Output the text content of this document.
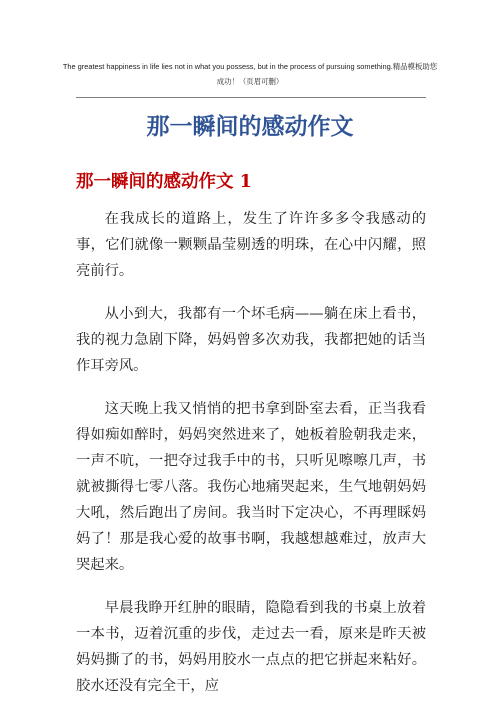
The greatest happiness in life lies not in what you possess, but in the process of pursuing something.精品模板助您成功！（页眉可删）
那一瞬间的感动作文
那一瞬间的感动作文 1

在我成长的道路上，发生了许许多多令我感动的事，它们就像一颗颗晶莹剔透的明珠，在心中闪耀，照亮前行。

从小到大，我都有一个坏毛病——躺在床上看书，我的视力急剧下降，妈妈曾多次劝我，我都把她的话当作耳旁风。

这天晚上我又悄悄的把书拿到卧室去看，正当我看得如痴如醉时，妈妈突然进来了，她板着脸朝我走来，一声不吭，一把夺过我手中的书，只听见嚓嚓几声，书就被撕得七零八落。我伤心地痛哭起来，生气地朝妈妈大吼，然后跑出了房间。我当时下定决心，不再理睬妈妈了！那是我心爱的故事书啊，我越想越难过，放声大哭起来。

早晨我睁开红肿的眼睛，隐隐看到我的书桌上放着一本书，迈着沉重的步伐，走过去一看，原来是昨天被妈妈撕了的书，妈妈用胶水一点点的把它拼起来粘好。胶水还没有完全干，应
